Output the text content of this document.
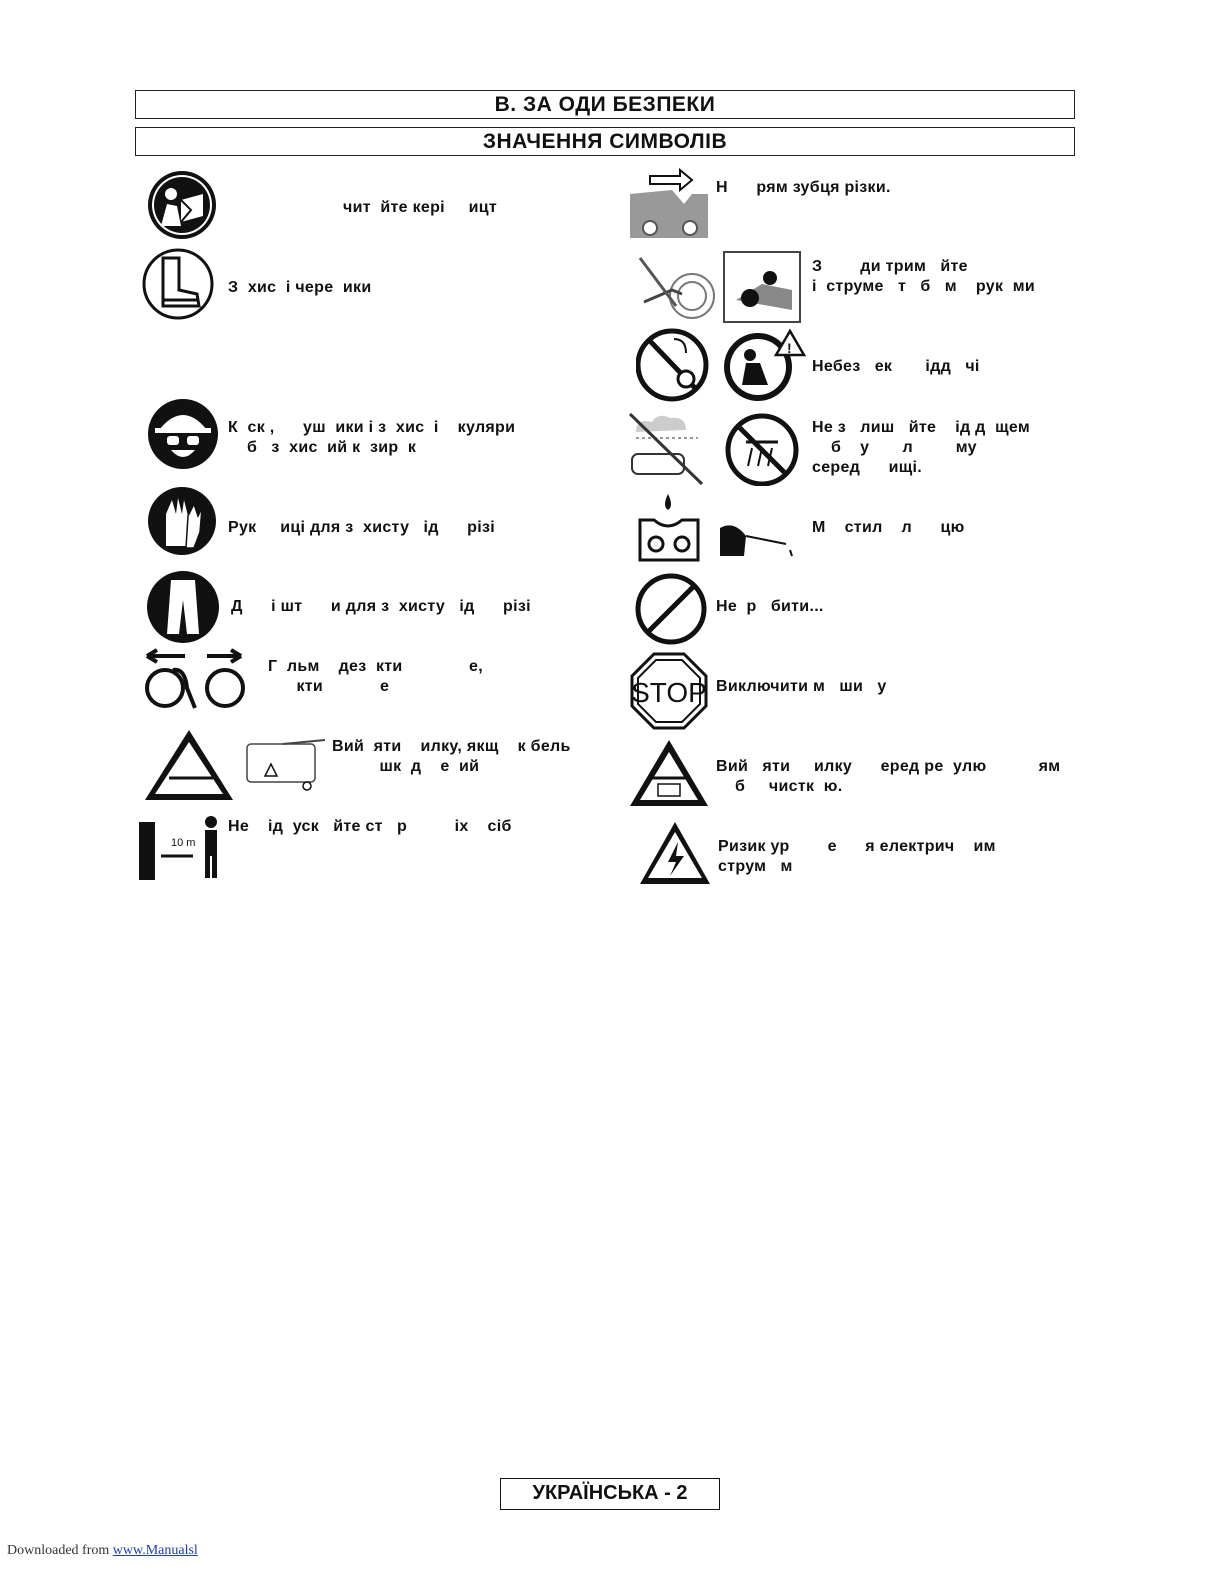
B. ЗА ОДИ БЕЗПЕКИ
ЗНАЧЕННЯ СИМВОЛІВ
10 m
чит  йте кері     ицт
З  хис  і чере  ики
К  ск ,      уш  ики і з  хис  і    куляри
б   з  хис  ий к  зир  к
Рук     иці для з  хисту   ід      різі
Д      і шт      и для з  хисту   ід      різі
Г  льм    дез  кти              е,
кти            е
Вий  яти    илку, якщ    к бель
шк  д    е  ий
Не    ід  уск   йте ст   р          іх    сіб
!
STOP
Н      рям зубця різки.
З        ди трим   йте
і  струме   т   б   м    рук  ми
Небез   ек       ідд   чі
Не з   лиш   йте    ід д  щем
б    у       л         му
серед      ищі.
М    стил    л      цю
Не  р   бити...
Виключити м   ши   у
Вий   яти     илку      еред ре  улю           ям
б     чистк  ю.
Ризик ур        е      я електрич    им
струм   м
УКРАЇНСЬКА - 2
Downloaded from www.Manualsl
